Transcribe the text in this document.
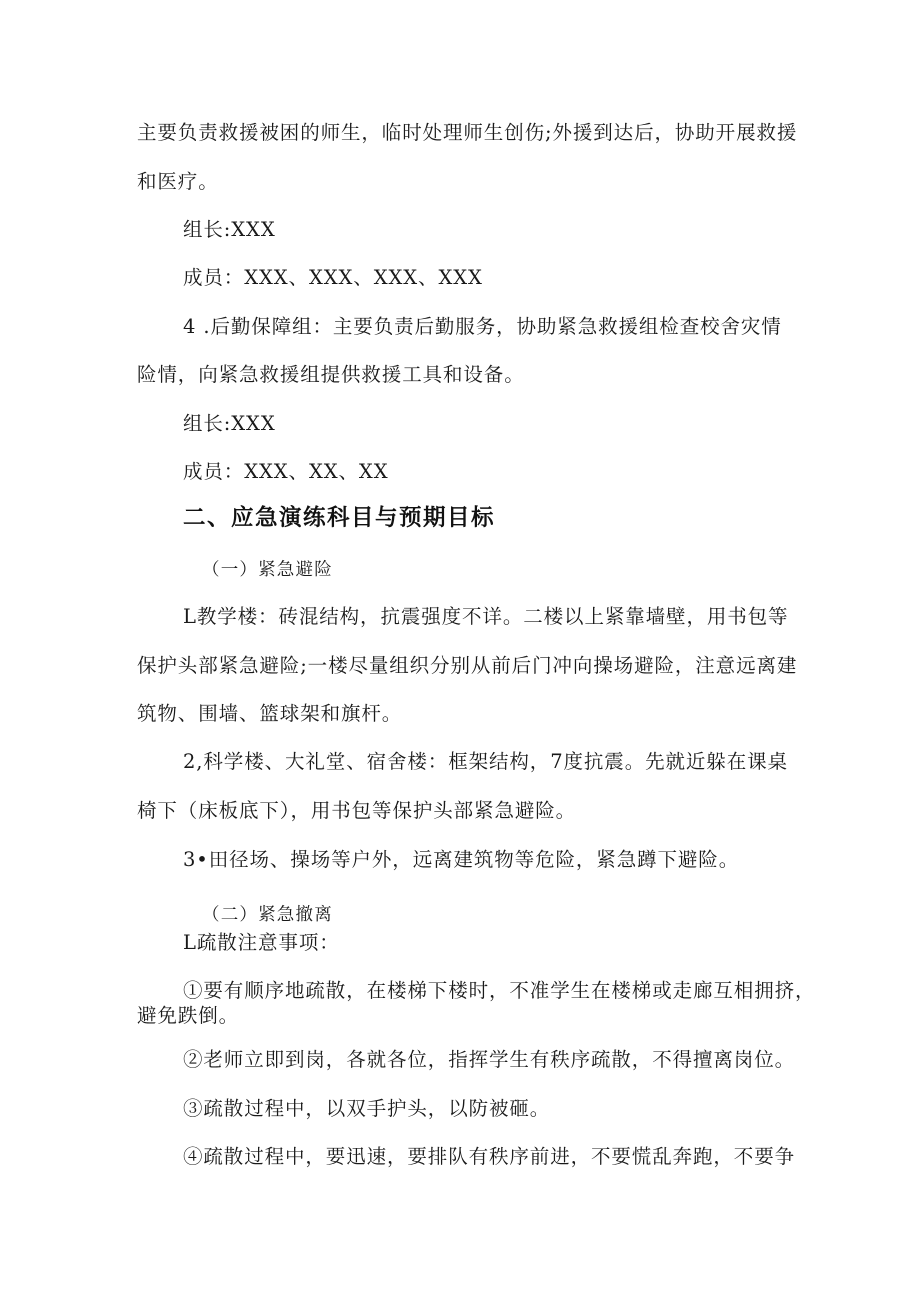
主要负责救援被困的师生，临时处理师生创伤;外援到达后，协助开展救援

和医疗。

组长:XXX

成员：XXX、XXX、XXX、XXX

4 .后勤保障组：主要负责后勤服务，协助紧急救援组检查校舍灾情

险情，向紧急救援组提供救援工具和设备。

组长:XXX

成员：XXX、XX、XX

二、应急演练科目与预期目标

（一）紧急避险

L教学楼：砖混结构，抗震强度不详。二楼以上紧靠墙壁，用书包等

保护头部紧急避险;一楼尽量组织分别从前后门冲向操场避险，注意远离建

筑物、围墙、篮球架和旗杆。

2,科学楼、大礼堂、宿舍楼：框架结构，7度抗震。先就近躲在课桌

椅下（床板底下），用书包等保护头部紧急避险。

3•田径场、操场等户外，远离建筑物等危险，紧急蹲下避险。

（二）紧急撤离

L疏散注意事项：

①要有顺序地疏散，在楼梯下楼时，不准学生在楼梯或走廊互相拥挤，

避免跌倒。

②老师立即到岗，各就各位，指挥学生有秩序疏散，不得擅离岗位。

③疏散过程中，以双手护头，以防被砸。

④疏散过程中，要迅速，要排队有秩序前进，不要慌乱奔跑，不要争
